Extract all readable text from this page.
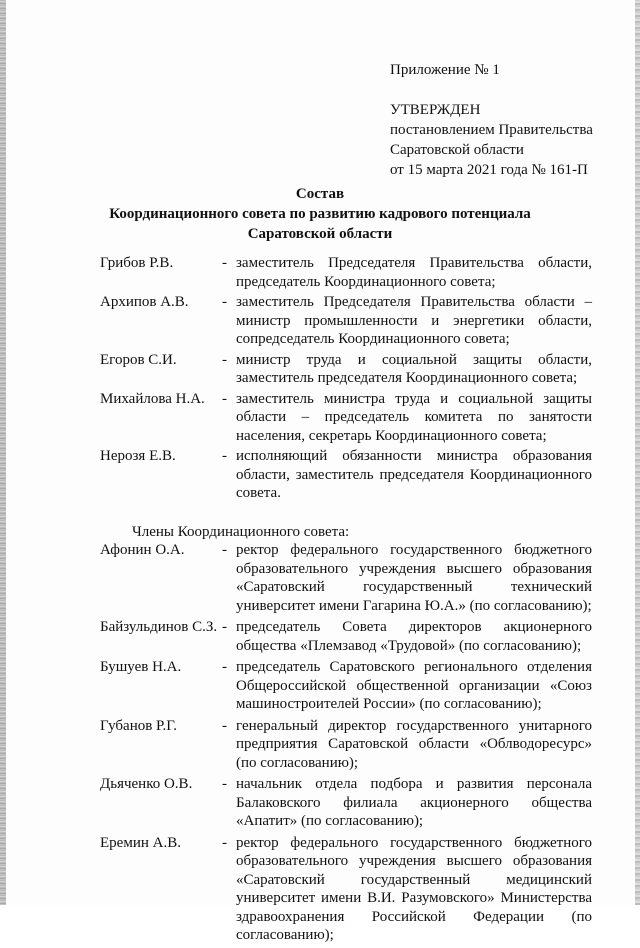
Приложение № 1
УТВЕРЖДЕН
постановлением Правительства
Саратовской области
от 15 марта 2021 года № 161-П
Состав
Координационного совета по развитию кадрового потенциала
Саратовской области
Грибов Р.В.	- заместитель Председателя Правительства области, председатель Координационного совета;
Архипов А.В.	- заместитель Председателя Правительства области – министр промышленности и энергетики области, сопредседатель Координационного совета;
Егоров С.И.	- министр труда и социальной защиты области, заместитель председателя Координационного совета;
Михайлова Н.А.	- заместитель министра труда и социальной защиты области – председатель комитета по занятости населения, секретарь Координационного совета;
Нерозя Е.В.	- исполняющий обязанности министра образования области, заместитель председателя Координационного совета.
Члены Координационного совета:
Афонин О.А.	- ректор федерального государственного бюджетного образовательного учреждения высшего образования «Саратовский государственный технический университет имени Гагарина Ю.А.» (по согласованию);
Байзульдинов С.З. - председатель Совета директоров акционерного общества «Племзавод «Трудовой» (по согласованию);
Бушуев Н.А.	- председатель Саратовского регионального отделения Общероссийской общественной организации «Союз машиностроителей России» (по согласованию);
Губанов Р.Г.	- генеральный директор государственного унитарного предприятия Саратовской области «Облводоресурс» (по согласованию);
Дьяченко О.В.	- начальник отдела подбора и развития персонала Балаковского филиала акционерного общества «Апатит» (по согласованию);
Еремин А.В.	- ректор федерального государственного бюджетного образовательного учреждения высшего образования «Саратовский государственный медицинский университет имени В.И. Разумовского» Министерства здравоохранения Российской Федерации (по согласованию);
